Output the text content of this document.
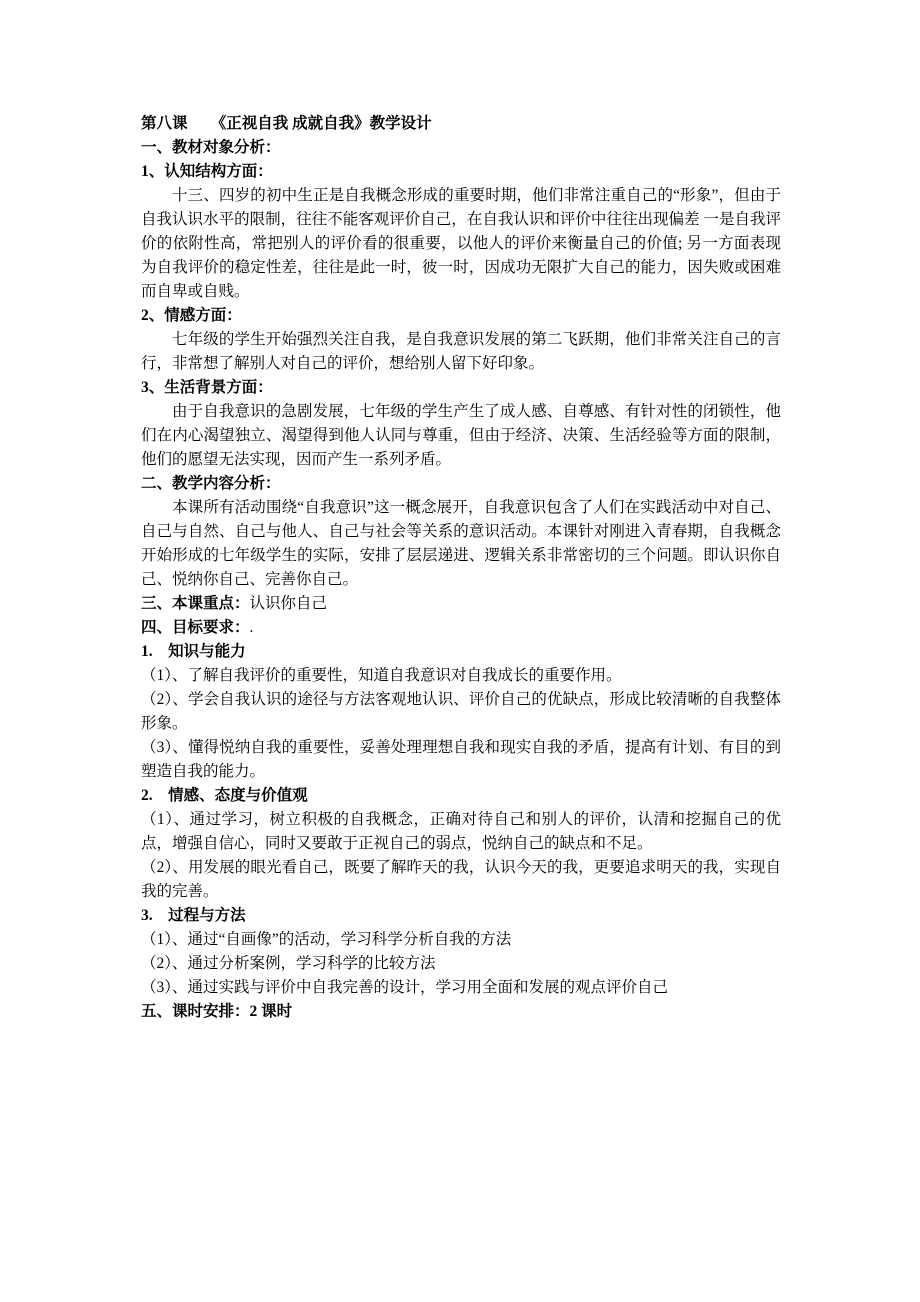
第八课　　《正视自我 成就自我》教学设计

一、教材对象分析：

1、认知结构方面：

十三、四岁的初中生正是自我概念形成的重要时期，他们非常注重自己的“形象”，但由于自我认识水平的限制，往往不能客观评价自己，在自我认识和评价中往往出现偏差 一是自我评价的依附性高，常把别人的评价看的很重要，以他人的评价来衡量自己的价值; 另一方面表现为自我评价的稳定性差，往往是此一时，彼一时，因成功无限扩大自己的能力，因失败或困难而自卑或自贱。

2、情感方面：

七年级的学生开始强烈关注自我，是自我意识发展的第二飞跃期，他们非常关注自己的言行，非常想了解别人对自己的评价，想给别人留下好印象。

3、生活背景方面：

由于自我意识的急剧发展，七年级的学生产生了成人感、自尊感、有针对性的闭锁性，他们在内心渴望独立、渴望得到他人认同与尊重，但由于经济、决策、生活经验等方面的限制，他们的愿望无法实现，因而产生一系列矛盾。

二、教学内容分析：

本课所有活动围绕“自我意识”这一概念展开，自我意识包含了人们在实践活动中对自己、自己与自然、自己与他人、自己与社会等关系的意识活动。本课针对刚进入青春期，自我概念开始形成的七年级学生的实际，安排了层层递进、逻辑关系非常密切的三个问题。即认识你自己、悦纳你自己、完善你自己。

三、本课重点：认识你自己

四、目标要求：.

1.　知识与能力

（1）、了解自我评价的重要性，知道自我意识对自我成长的重要作用。

（2）、学会自我认识的途径与方法客观地认识、评价自己的优缺点，形成比较清晰的自我整体形象。

（3）、懂得悦纳自我的重要性，妥善处理理想自我和现实自我的矛盾，提高有计划、有目的到塑造自我的能力。

2.　情感、态度与价值观

（1）、通过学习，树立积极的自我概念，正确对待自己和别人的评价，认清和挖掘自己的优点，增强自信心，同时又要敢于正视自己的弱点，悦纳自己的缺点和不足。

（2）、用发展的眼光看自己，既要了解昨天的我，认识今天的我，更要追求明天的我，实现自我的完善。

3.　过程与方法

（1）、通过“自画像”的活动，学习科学分析自我的方法

（2）、通过分析案例，学习科学的比较方法

（3）、通过实践与评价中自我完善的设计，学习用全面和发展的观点评价自己

五、课时安排：2 课时
